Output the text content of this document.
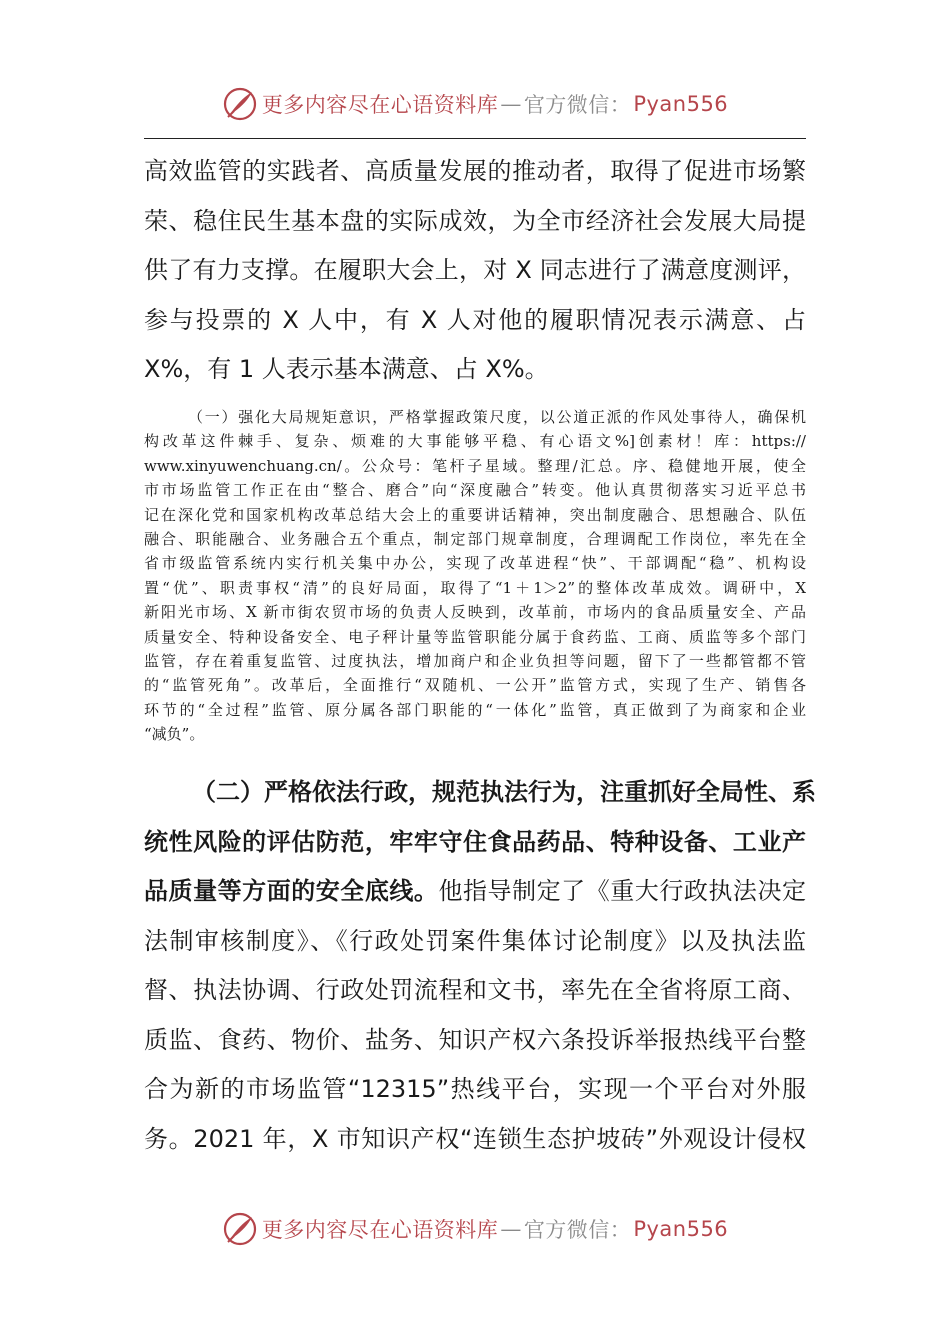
更多内容尽在心语资料库 — 官方微信： Pyan556
高效监管的实践者、高质量发展的推动者，取得了促进市场繁
荣、稳住民生基本盘的实际成效，为全市经济社会发展大局提
供了有力支撑。在履职大会上，对 X 同志进行了满意度测评，
参与投票的 X 人中，有 X 人对他的履职情况表示满意、占
X%，有 1 人表示基本满意、占 X%。
（一）强化大局规矩意识，严格掌握政策尺度，以公道正派的作风处事待人，确保机
构改革这件棘手、复杂、烦难的大事能够平稳、有心语文%]创素材！库：https://
www.xinyuwenchuang.cn/。公众号：笔杆子星域。整理/汇总。序、稳健地开展，使全
市市场监管工作正在由“整合、磨合”向“深度融合”转变。他认真贯彻落实习近平总书
记在深化党和国家机构改革总结大会上的重要讲话精神，突出制度融合、思想融合、队伍
融合、职能融合、业务融合五个重点，制定部门规章制度，合理调配工作岗位，率先在全
省市级监管系统内实行机关集中办公，实现了改革进程“快”、干部调配“稳”、机构设
置“优”、职责事权“清”的良好局面，取得了“1＋1＞2”的整体改革成效。调研中，X
新阳光市场、X 新市街农贸市场的负责人反映到，改革前，市场内的食品质量安全、产品
质量安全、特种设备安全、电子秤计量等监管职能分属于食药监、工商、质监等多个部门
监管，存在着重复监管、过度执法，增加商户和企业负担等问题，留下了一些都管都不管
的“监管死角”。改革后，全面推行“双随机、一公开”监管方式，实现了生产、销售各
环节的“全过程”监管、原分属各部门职能的“一体化”监管，真正做到了为商家和企业
“减负”。
（二）严格依法行政，规范执法行为，注重抓好全局性、系
统性风险的评估防范，牢牢守住食品药品、特种设备、工业产
品质量等方面的安全底线。他指导制定了《重大行政执法决定
法制审核制度》、《行政处罚案件集体讨论制度》以及执法监
督、执法协调、行政处罚流程和文书，率先在全省将原工商、
质监、食药、物价、盐务、知识产权六条投诉举报热线平台整
合为新的市场监管“12315”热线平台，实现一个平台对外服
务。2021 年，X 市知识产权“连锁生态护坡砖”外观设计侵权
更多内容尽在心语资料库 — 官方微信： Pyan556
